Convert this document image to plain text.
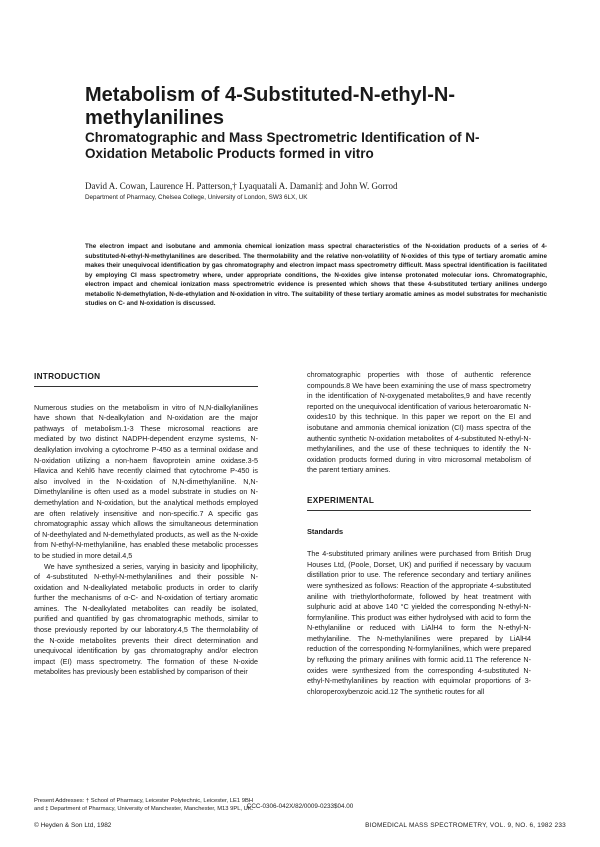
Metabolism of 4-Substituted-N-ethyl-N-methylanilines
Chromatographic and Mass Spectrometric Identification of N-Oxidation Metabolic Products formed in vitro
David A. Cowan, Laurence H. Patterson,† Lyaquatali A. Damani‡ and John W. Gorrod
Department of Pharmacy, Chelsea College, University of London, SW3 6LX, UK
The electron impact and isobutane and ammonia chemical ionization mass spectral characteristics of the N-oxidation products of a series of 4-substituted-N-ethyl-N-methylanilines are described. The thermolability and the relative non-volatility of N-oxides of this type of tertiary aromatic amine makes their unequivocal identification by gas chromatography and electron impact mass spectrometry difficult. Mass spectral identification is facilitated by employing CI mass spectrometry where, under appropriate conditions, the N-oxides give intense protonated molecular ions. Chromatographic, electron impact and chemical ionization mass spectrometric evidence is presented which shows that these 4-substituted tertiary anilines undergo metabolic N-demethylation, N-de-ethylation and N-oxidation in vitro. The suitability of these tertiary aromatic amines as model substrates for mechanistic studies on C- and N-oxidation is discussed.
INTRODUCTION

Numerous studies on the metabolism in vitro of N,N-dialkylanilines have shown that N-dealkylation and N-oxidation are the major pathways of metabolism.1-3 These microsomal reactions are mediated by two distinct NADPH-dependent enzyme systems, N-dealkylation involving a cytochrome P-450 as a terminal oxidase and N-oxidation utilizing a non-haem flavoprotein amine oxidase.3-5 Hlavica and Kehl6 have recently claimed that cytochrome P-450 is also involved in the N-oxidation of N,N-dimethylaniline. N,N-Dimethylaniline is often used as a model substrate in studies on N-demethylation and N-oxidation, but the analytical methods employed are often relatively insensitive and non-specific.7 A specific gas chromatographic assay which allows the simultaneous determination of N-deethylated and N-demethylated products, as well as the N-oxide from N-ethyl-N-methylaniline, has enabled these metabolic processes to be studied in more detail.4,5

We have synthesized a series, varying in basicity and lipophilicity, of 4-substituted N-ethyl-N-methylanilines and their possible N-oxidation and N-dealkylated metabolic products in order to clarify further the mechanisms of α-C- and N-oxidation of tertiary aromatic amines. The N-dealkylated metabolites can readily be isolated, purified and quantified by gas chromatographic methods, similar to those previously reported by our laboratory.4,5 The thermolability of the N-oxide metabolites prevents their direct determination and unequivocal identification by gas chromatography and/or electron impact (EI) mass spectrometry. The formation of these N-oxide metabolites has previously been established by comparison of their

chromatographic properties with those of authentic reference compounds.8 We have been examining the use of mass spectrometry in the identification of N-oxygenated metabolites,9 and have recently reported on the unequivocal identification of various heteroaromatic N-oxides10 by this technique. In this paper we report on the EI and isobutane and ammonia chemical ionization (CI) mass spectra of the authentic synthetic N-oxidation metabolites of 4-substituted N-ethyl-N-methylanilines, and the use of these techniques to identify the N-oxidation products formed during in vitro microsomal metabolism of the parent tertiary amines.

EXPERIMENTAL
Standards

The 4-substituted primary anilines were purchased from British Drug Houses Ltd, (Poole, Dorset, UK) and purified if necessary by vacuum distillation prior to use. The reference secondary and tertiary anilines were synthesized as follows: Reaction of the appropriate 4-substituted aniline with triethylorthoformate, followed by heat treatment with sulphuric acid at above 140 °C yielded the corresponding N-ethyl-N-formylaniline. This product was either hydrolysed with acid to form the N-ethylaniline or reduced with LiAlH4 to form the N-ethyl-N-methylaniline. The N-methylanilines were prepared by LiAlH4 reduction of the corresponding N-formylanilines, which were prepared by refluxing the primary anilines with formic acid.11 The reference N-oxides were synthesized from the corresponding 4-substituted N-ethyl-N-methylanilines by reaction with equimolar proportions of 3-chloroperoxybenzoic acid.12 The synthetic routes for all

Present Addresses: † School of Pharmacy, Leicester Polytechnic, Leicester, LE1 9BH and ‡ Department of Pharmacy, University of Manchester, Manchester, M13 9PL, UK.
CCC-0306-042X/82/0009-0233$04.00
© Heyden & Son Ltd, 1982	BIOMEDICAL MASS SPECTROMETRY, VOL. 9, NO. 6, 1982 233
